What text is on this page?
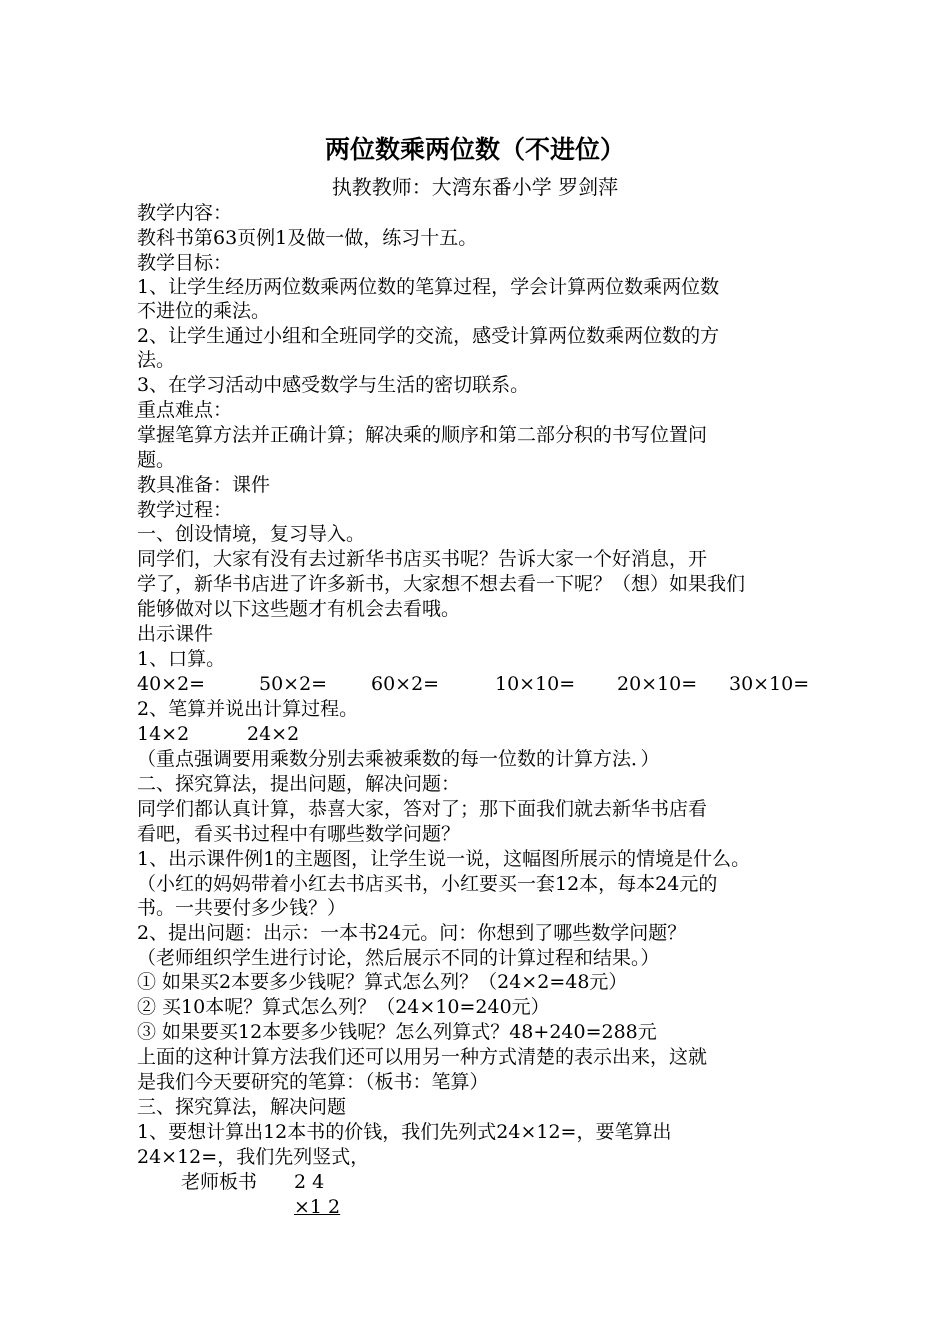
两位数乘两位数（不进位）
执教教师：大湾东番小学 罗剑萍
教学内容：
教科书第63页例1及做一做，练习十五。
教学目标：
1、让学生经历两位数乘两位数的笔算过程，学会计算两位数乘两位数
不进位的乘法。
2、让学生通过小组和全班同学的交流，感受计算两位数乘两位数的方
法。
3、在学习活动中感受数学与生活的密切联系。
重点难点：
掌握笔算方法并正确计算；解决乘的顺序和第二部分积的书写位置问
题。
教具准备：课件
教学过程：
一、创设情境，复习导入。
同学们，大家有没有去过新华书店买书呢？告诉大家一个好消息，开
学了，新华书店进了许多新书，大家想不想去看一下呢？（想）如果我们
能够做对以下这些题才有机会去看哦。
出示课件
1、口算。
40×2=	50×2= 60×2=	10×10= 20×10= 30×10=
2、笔算并说出计算过程。
14×2	24×2
（重点强调要用乘数分别去乘被乘数的每一位数的计算方法．）
二、探究算法，提出问题，解决问题：
同学们都认真计算，恭喜大家，答对了；那下面我们就去新华书店看
看吧，看买书过程中有哪些数学问题？
1、出示课件例1的主题图，让学生说一说，这幅图所展示的情境是什么。
（小红的妈妈带着小红去书店买书，小红要买一套12本，每本24元的
书。一共要付多少钱？）
2、提出问题：出示：一本书24元。问：你想到了哪些数学问题？
（老师组织学生进行讨论，然后展示不同的计算过程和结果。）
① 如果买2本要多少钱呢？算式怎么列？（24×2=48元）
② 买10本呢？算式怎么列？（24×10=240元）
③ 如果要买12本要多少钱呢？怎么列算式？48+240=288元
上面的这种计算方法我们还可以用另一种方式清楚的表示出来，这就
是我们今天要研究的笔算：（板书：笔算）
三、探究算法，解决问题
1、要想计算出12本书的价钱，我们先列式24×12=，要笔算出
24×12=，我们先列竖式，
老师板书 2 4
×1 2
